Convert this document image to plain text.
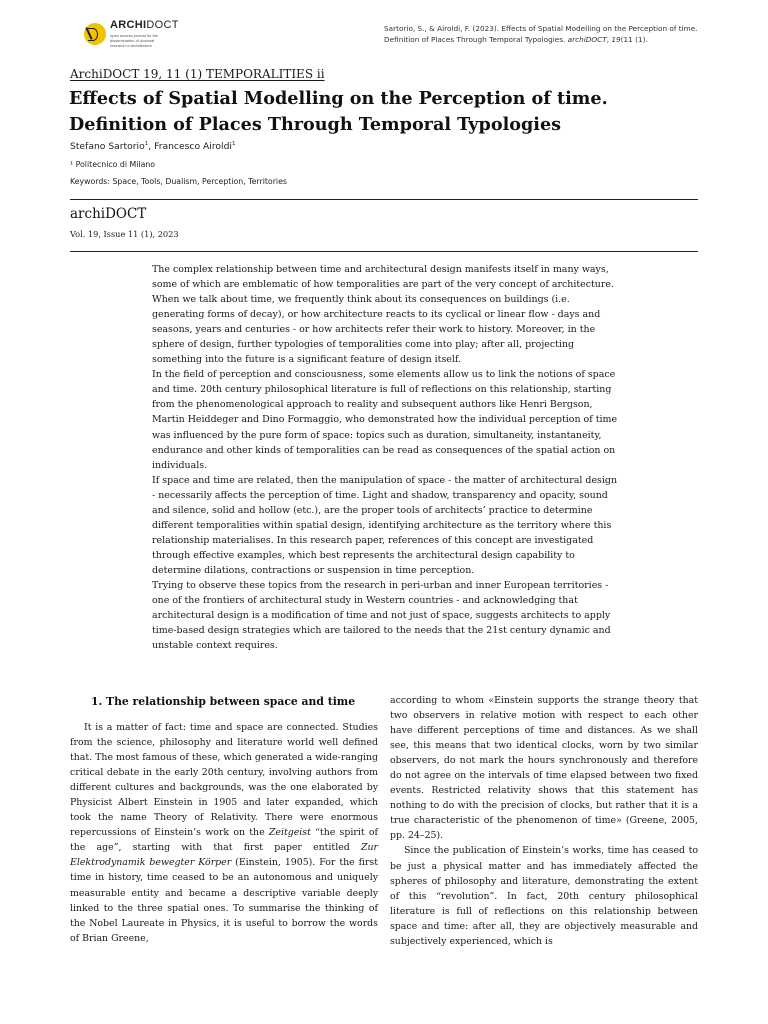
ARCHIDOCT
open access journal for the dissemination of doctoral research in architecture
Sartorio, S., & Airoldi, F. (2023). Effects of Spatial Modelling on the Perception of time.
Definition of Places Through Temporal Typologies. archiDOCT, 19(11 (1).
ArchiDOCT 19, 11 (1) TEMPORALITIES ii
Effects of Spatial Modelling on the Perception of time. Definition of Places Through Temporal Typologies
Stefano Sartorio$^1$, Francesco Airoldi$^1$
¹ Politecnico di Milano
Keywords: Space, Tools, Dualism, Perception, Territories
archiDOCT
Vol. 19, Issue 11 (1), 2023

The complex relationship between time and architectural design manifests itself in many ways, some of which are emblematic of how temporalities are part of the very concept of architecture. When we talk about time, we frequently think about its consequences on buildings (i.e. generating forms of decay), or how architecture reacts to its cyclical or linear flow - days and seasons, years and centuries - or how architects refer their work to history. Moreover, in the sphere of design, further typologies of temporalities come into play; after all, projecting something into the future is a significant feature of design itself.

In the field of perception and consciousness, some elements allow us to link the notions of space and time. 20th century philosophical literature is full of reflections on this relationship, starting from the phenomenological approach to reality and subsequent authors like Henri Bergson, Martin Heiddeger and Dino Formaggio, who demonstrated how the individual perception of time was influenced by the pure form of space: topics such as duration, simultaneity, instantaneity, endurance and other kinds of temporalities can be read as consequences of the spatial action on individuals.

If space and time are related, then the manipulation of space - the matter of architectural design - necessarily affects the perception of time. Light and shadow, transparency and opacity, sound and silence, solid and hollow (etc.), are the proper tools of architects’ practice to determine different temporalities within spatial design, identifying architecture as the territory where this relationship materialises. In this research paper, references of this concept are investigated through effective examples, which best represents the architectural design capability to determine dilations, contractions or suspension in time perception.

Trying to observe these topics from the research in peri-urban and inner European territories - one of the frontiers of architectural study in Western countries - and acknowledging that architectural design is a modification of time and not just of space, suggests architects to apply time-based design strategies which are tailored to the needs that the 21st century dynamic and unstable context requires.

1. The relationship between space and time

It is a matter of fact: time and space are connected. Studies from the science, philosophy and literature world well defined that. The most famous of these, which generated a wide-ranging critical debate in the early 20th century, involving authors from different cultures and backgrounds, was the one elaborated by Physicist Albert Einstein in 1905 and later expanded, which took the name Theory of Relativity. There were enormous repercussions of Einstein’s work on the Zeitgeist “the spirit of the age”, starting with that first paper entitled Zur Elektrodynamik bewegter Körper (Einstein, 1905). For the first time in history, time ceased to be an autonomous and uniquely measurable entity and became a descriptive variable deeply linked to the three spatial ones. To summarise the thinking of the Nobel Laureate in Physics, it is useful to borrow the words of Brian Greene,

according to whom «Einstein supports the strange theory that two observers in relative motion with respect to each other have different perceptions of time and distances. As we shall see, this means that two identical clocks, worn by two similar observers, do not mark the hours synchronously and therefore do not agree on the intervals of time elapsed between two fixed events. Restricted relativity shows that this statement has nothing to do with the precision of clocks, but rather that it is a true characteristic of the phenomenon of time» (Greene, 2005, pp. 24–25).

Since the publication of Einstein’s works, time has ceased to be just a physical matter and has immediately affected the spheres of philosophy and literature, demonstrating the extent of this “revolution”. In fact, 20th century philosophical literature is full of reflections on this relationship between space and time: after all, they are objectively measurable and subjectively experienced, which is
